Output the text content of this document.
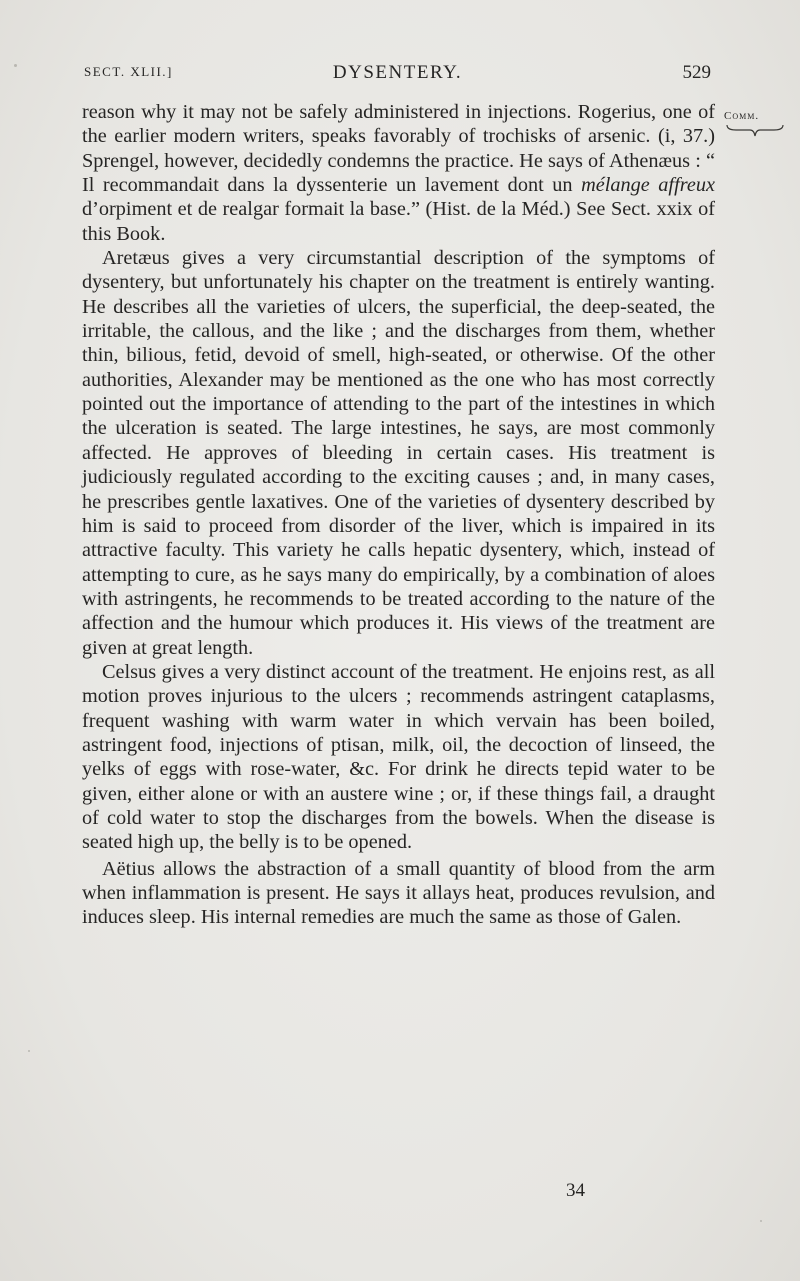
SECT. XLII.]	DYSENTERY.	529
Comm.

reason why it may not be safely administered in injections. Rogerius, one of the earlier modern writers, speaks favorably of trochisks of arsenic. (i, 37.) Sprengel, however, decidedly condemns the practice. He says of Athenæus : “ Il recommandait dans la dyssenterie un lavement dont un mélange affreux d’orpiment et de realgar formait la base.” (Hist. de la Méd.) See Sect. xxix of this Book.

Aretæus gives a very circumstantial description of the symptoms of dysentery, but unfortunately his chapter on the treatment is entirely wanting. He describes all the varieties of ulcers, the superficial, the deep-seated, the irritable, the callous, and the like ; and the discharges from them, whether thin, bilious, fetid, devoid of smell, high-seated, or otherwise. Of the other authorities, Alexander may be mentioned as the one who has most correctly pointed out the importance of attending to the part of the intestines in which the ulceration is seated. The large intestines, he says, are most commonly affected. He approves of bleeding in certain cases. His treatment is judiciously regulated according to the exciting causes ; and, in many cases, he prescribes gentle laxatives. One of the varieties of dysentery described by him is said to proceed from disorder of the liver, which is impaired in its attractive faculty. This variety he calls hepatic dysentery, which, instead of attempting to cure, as he says many do empirically, by a combination of aloes with astringents, he recommends to be treated according to the nature of the affection and the humour which produces it. His views of the treatment are given at great length.

Celsus gives a very distinct account of the treatment. He enjoins rest, as all motion proves injurious to the ulcers ; recommends astringent cataplasms, frequent washing with warm water in which vervain has been boiled, astringent food, injections of ptisan, milk, oil, the decoction of linseed, the yelks of eggs with rose-water, &c. For drink he directs tepid water to be given, either alone or with an austere wine ; or, if these things fail, a draught of cold water to stop the discharges from the bowels. When the disease is seated high up, the belly is to be opened.

Aëtius allows the abstraction of a small quantity of blood from the arm when inflammation is present. He says it allays heat, produces revulsion, and induces sleep. His internal remedies are much the same as those of Galen.

34
